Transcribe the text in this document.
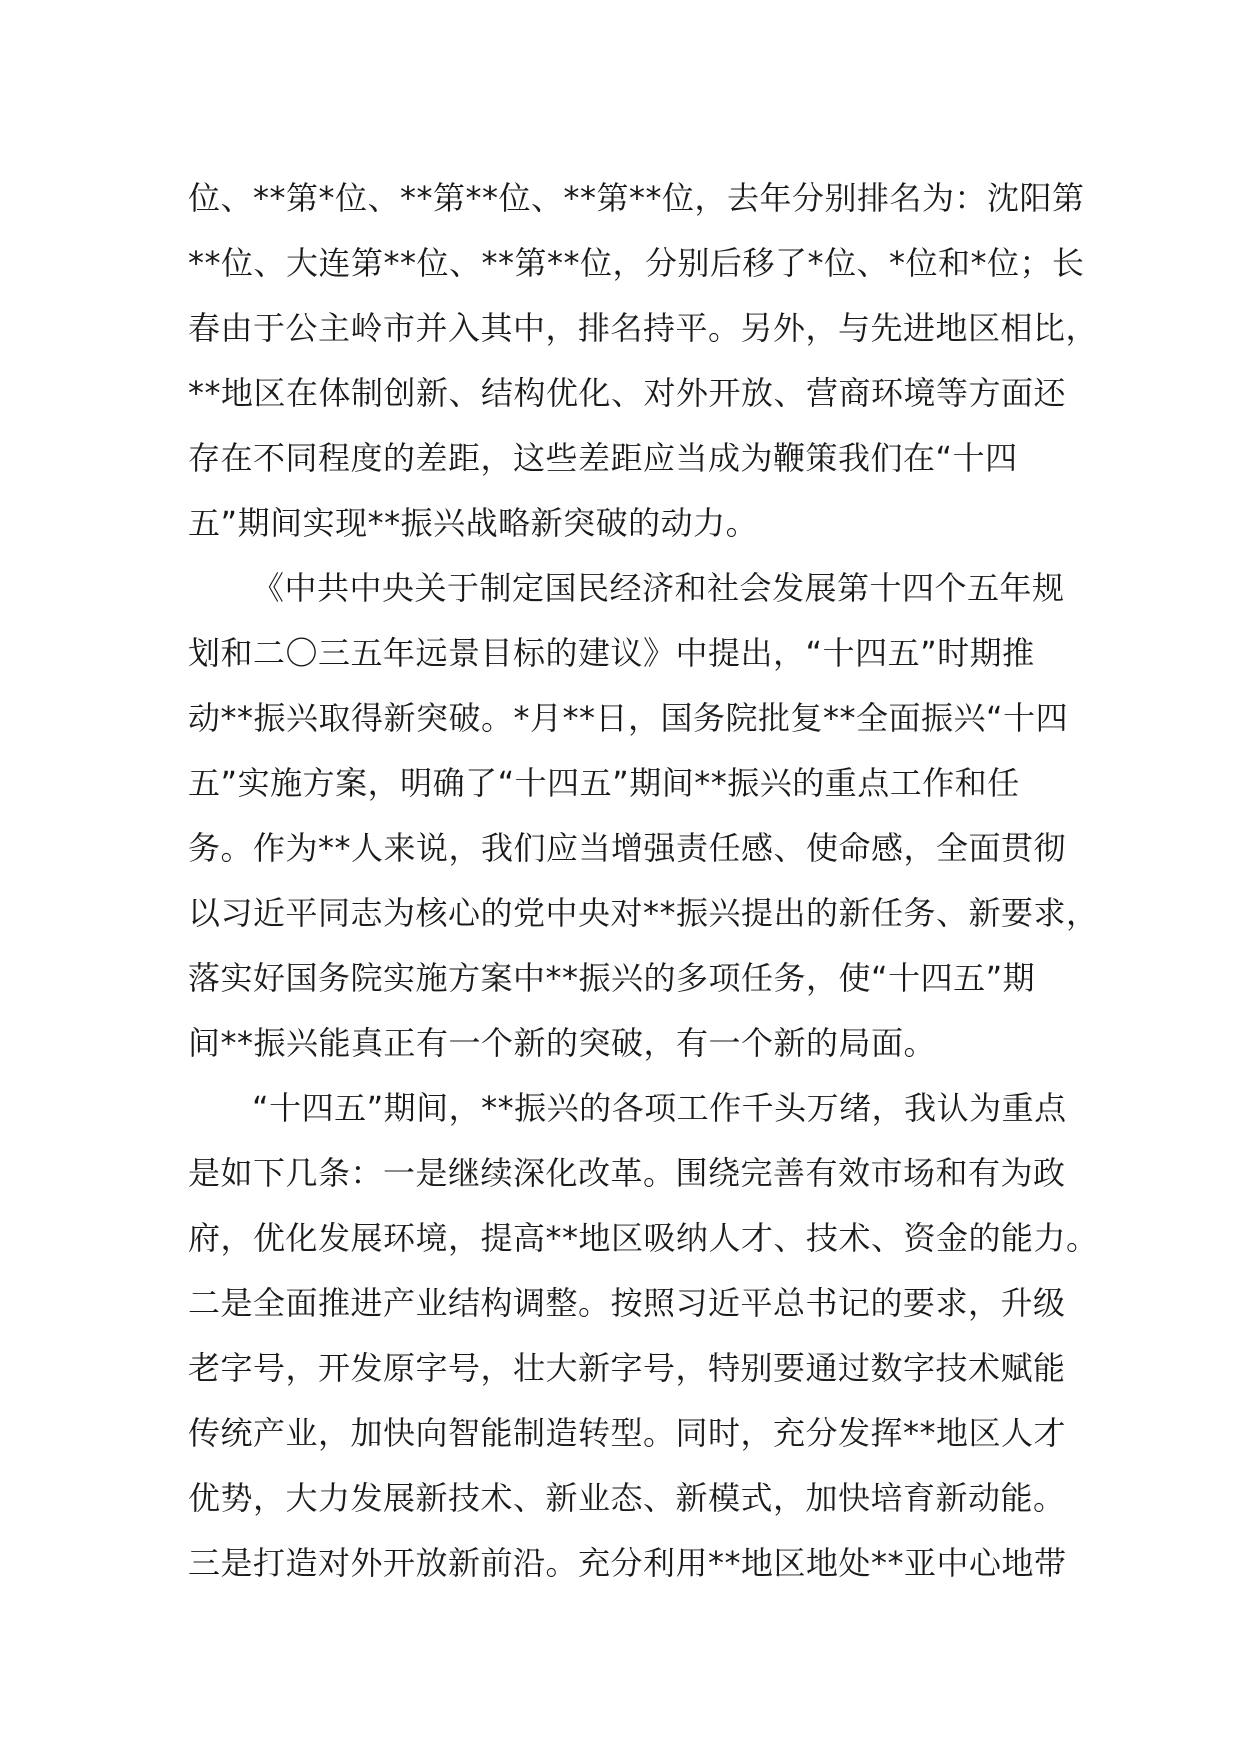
位、**第*位、**第**位、**第**位，去年分别排名为：沈阳第
**位、大连第**位、**第**位，分别后移了*位、*位和*位；长
春由于公主岭市并入其中，排名持平。另外，与先进地区相比，
**地区在体制创新、结构优化、对外开放、营商环境等方面还
存在不同程度的差距，这些差距应当成为鞭策我们在“十四
五”期间实现**振兴战略新突破的动力。
《中共中央关于制定国民经济和社会发展第十四个五年规
划和二〇三五年远景目标的建议》中提出，“十四五”时期推
动**振兴取得新突破。*月**日，国务院批复**全面振兴“十四
五”实施方案，明确了“十四五”期间**振兴的重点工作和任
务。作为**人来说，我们应当增强责任感、使命感，全面贯彻
以习近平同志为核心的党中央对**振兴提出的新任务、新要求，
落实好国务院实施方案中**振兴的多项任务，使“十四五”期
间**振兴能真正有一个新的突破，有一个新的局面。
“十四五”期间，**振兴的各项工作千头万绪，我认为重点
是如下几条：一是继续深化改革。围绕完善有效市场和有为政
府，优化发展环境，提高**地区吸纳人才、技术、资金的能力。
二是全面推进产业结构调整。按照习近平总书记的要求，升级
老字号，开发原字号，壮大新字号，特别要通过数字技术赋能
传统产业，加快向智能制造转型。同时，充分发挥**地区人才
优势，大力发展新技术、新业态、新模式，加快培育新动能。
三是打造对外开放新前沿。充分利用**地区地处**亚中心地带
